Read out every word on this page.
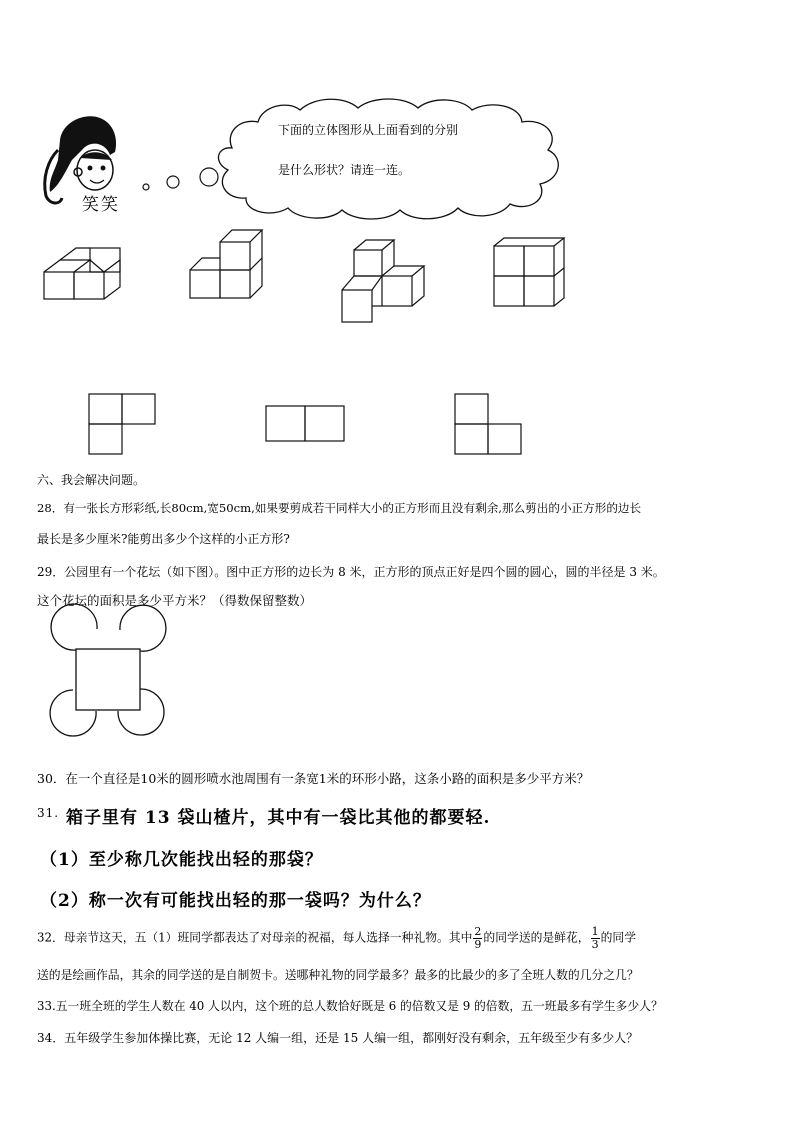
笑笑
下面的立体图形从上面看到的分别
是什么形状？请连一连。
六、我会解决问题。
28．有一张长方形彩纸,长80cm,宽50cm,如果要剪成若干同样大小的正方形而且没有剩余,那么剪出的小正方形的边长
最长是多少厘米?能剪出多少个这样的小正方形?
29．公园里有一个花坛（如下图）。图中正方形的边长为 8 米，正方形的顶点正好是四个圆的圆心，圆的半径是 3 米。
这个花坛的面积是多少平方米？（得数保留整数）
30．在一个直径是10米的圆形喷水池周围有一条宽1米的环形小路，这条小路的面积是多少平方米？
31. 箱子里有 13 袋山楂片，其中有一袋比其他的都要轻.
（1）至少称几次能找出轻的那袋？
（2）称一次有可能找出轻的那一袋吗？为什么？
32．母亲节这天，五（1）班同学都表达了对母亲的祝福，每人选择一种礼物。其中 $\frac{2}{9}$ 的同学送的是鲜花， $\frac{1}{3}$ 的同学
送的是绘画作品，其余的同学送的是自制贺卡。送哪种礼物的同学最多？最多的比最少的多了全班人数的几分之几？
33.五一班全班的学生人数在 40 人以内，这个班的总人数恰好既是 6 的倍数又是 9 的倍数，五一班最多有学生多少人？
34．五年级学生参加体操比赛，无论 12 人编一组，还是 15 人编一组，都刚好没有剩余，五年级至少有多少人？
